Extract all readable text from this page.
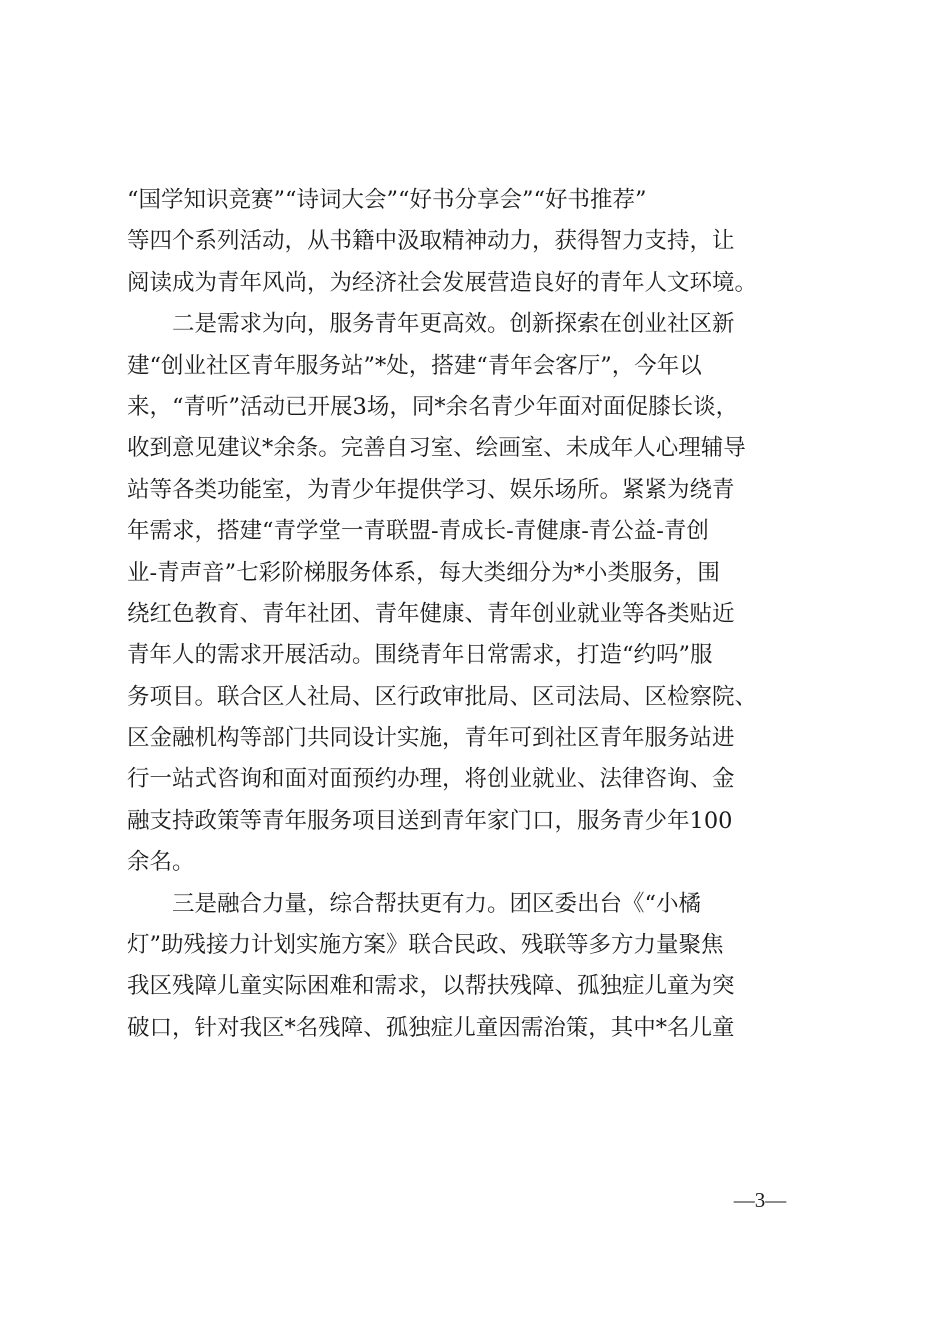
“国学知识竞赛”“诗词大会”“好书分享会”“好书推荐”
等四个系列活动，从书籍中汲取精神动力，获得智力支持，让
阅读成为青年风尚，为经济社会发展营造良好的青年人文环境。
　　二是需求为向，服务青年更高效。创新探索在创业社区新
建“创业社区青年服务站”*处，搭建“青年会客厅”，今年以
来，“青听”活动已开展3场，同*余名青少年面对面促膝长谈，
收到意见建议*余条。完善自习室、绘画室、未成年人心理辅导
站等各类功能室，为青少年提供学习、娱乐场所。紧紧为绕青
年需求，搭建“青学堂一青联盟-青成长-青健康-青公益-青创
业-青声音”七彩阶梯服务体系，每大类细分为*小类服务，围
绕红色教育、青年社团、青年健康、青年创业就业等各类贴近
青年人的需求开展活动。围绕青年日常需求，打造“约吗”服
务项目。联合区人社局、区行政审批局、区司法局、区检察院、
区金融机构等部门共同设计实施，青年可到社区青年服务站进
行一站式咨询和面对面预约办理，将创业就业、法律咨询、金
融支持政策等青年服务项目送到青年家门口，服务青少年100
余名。
　　三是融合力量，综合帮扶更有力。团区委出台《“小橘
灯”助残接力计划实施方案》联合民政、残联等多方力量聚焦
我区残障儿童实际困难和需求，以帮扶残障、孤独症儿童为突
破口，针对我区*名残障、孤独症儿童因需治策，其中*名儿童
—3—
